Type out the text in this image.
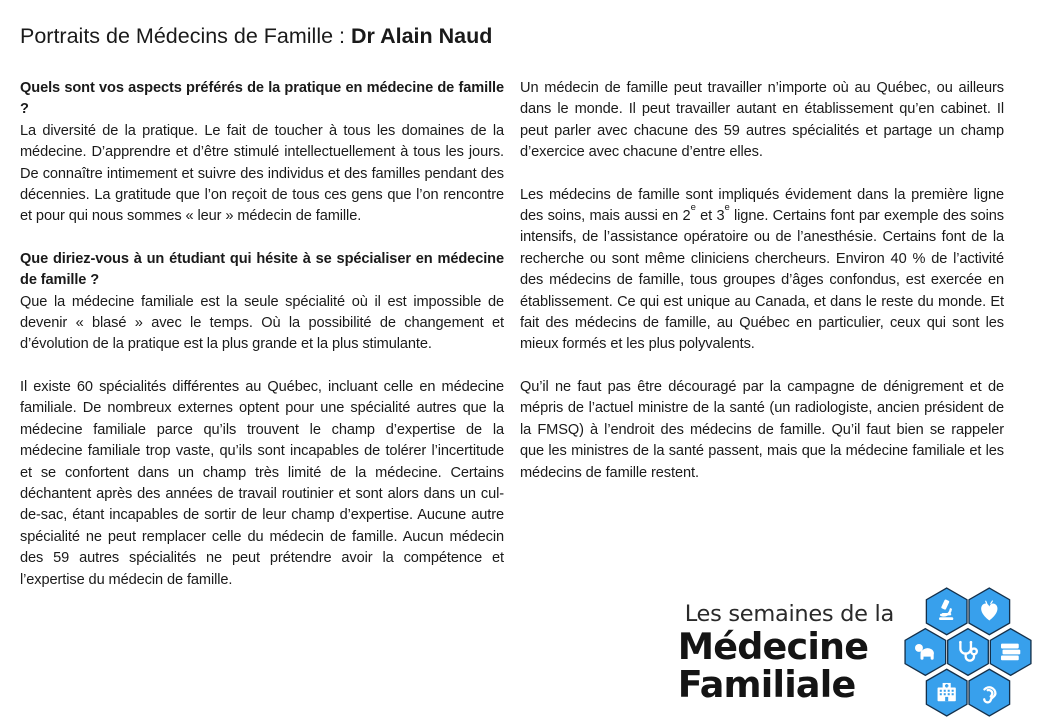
Portraits de Médecins de Famille : Dr Alain Naud
Quels sont vos aspects préférés de la pratique en médecine de famille ?

La diversité de la pratique. Le fait de toucher à tous les domaines de la médecine. D’apprendre et d’être stimulé intellectuellement à tous les jours. De connaître intimement et suivre des individus et des familles pendant des décennies. La gratitude que l’on reçoit de tous ces gens que l’on rencontre et pour qui nous sommes « leur » médecin de famille.

Que diriez-vous à un étudiant qui hésite à se spécialiser en médecine de famille ?

Que la médecine familiale est la seule spécialité où il est impossible de devenir « blasé » avec le temps. Où la possibilité de changement et d’évolution de la pratique est la plus grande et la plus stimulante.

Il existe 60 spécialités différentes au Québec, incluant celle en médecine familiale. De nombreux externes optent pour une spécialité autres que la médecine familiale parce qu’ils trouvent le champ d’expertise de la médecine familiale trop vaste, qu’ils sont incapables de tolérer l’incertitude et se confortent dans un champ très limité de la médecine. Certains déchantent après des années de travail routinier et sont alors dans un cul-de-sac, étant incapables de sortir de leur champ d’expertise. Aucune autre spécialité ne peut remplacer celle du médecin de famille. Aucun médecin des 59 autres spécialités ne peut prétendre avoir la compétence et l’expertise du médecin de famille.

Un médecin de famille peut travailler n’importe où au Québec, ou ailleurs dans le monde. Il peut travailler autant en établissement qu’en cabinet. Il peut parler avec chacune des 59 autres spécialités et partage un champ d’exercice avec chacune d’entre elles.

Les médecins de famille sont impliqués évidement dans la première ligne des soins, mais aussi en 2e et 3e ligne. Certains font par exemple des soins intensifs, de l’assistance opératoire ou de l’anesthésie. Certains font de la recherche ou sont même cliniciens chercheurs. Environ 40 % de l’activité des médecins de famille, tous groupes d’âges confondus, est exercée en établissement. Ce qui est unique au Canada, et dans le reste du monde. Et fait des médecins de famille, au Québec en particulier, ceux qui sont les mieux formés et les plus polyvalents.

Qu’il ne faut pas être découragé par la campagne de dénigrement et de mépris de l’actuel ministre de la santé (un radiologiste, ancien président de la FMSQ) à l’endroit des médecins de famille. Qu’il faut bien se rappeler que les ministres de la santé passent, mais que la médecine familiale et les médecins de famille restent.

Les semaines de la
Médecine
Familiale
